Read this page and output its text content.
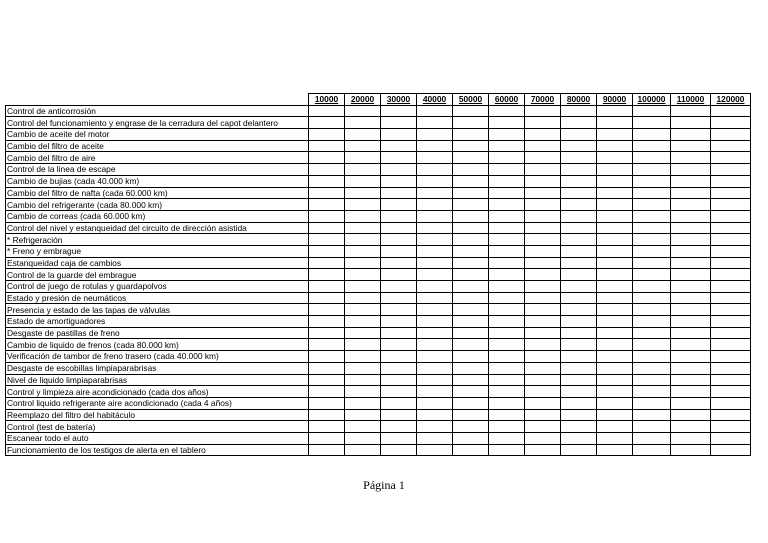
	10000	20000	30000	40000	50000	60000	70000	80000	90000	100000	110000	120000
Control de anticorrosión												
Control del funcionamiento y engrase de la cerradura del capot delantero												
Cambio de aceite del motor												
Cambio del filtro de aceite												
Cambio del filtro de aire												
Control de la linea de escape												
Cambio de bujias (cada 40.000 km)												
Cambio del filtro de nafta (cada 60.000 km)												
Cambio del refrigerante (cada 80.000 km)												
Cambio de correas (cada 60.000 km)												
Control del nivel y estanqueidad del circuito de dirección asistida												
* Refrigeración												
* Freno y embrague												
Estanqueidad caja de cambios												
Control de la guarde del embrague												
Control de juego de rotulas y guardapolvos												
Estado y presión de neumáticos												
Presencia y estado de las tapas de válvulas												
Estado de amortiguadores												
Desgaste de pastillas de freno												
Cambio de liquido de frenos (cada 80.000 km)												
Verificación de tambor de freno trasero (cada 40.000 km)												
Desgaste de escobillas limpiaparabrisas												
Nivel de liquido limpiaparabrisas												
Control y limpieza aire acondicionado (cada dos años)												
Control liquido refrigerante aire acondicionado (cada 4 años)												
Reemplazo del filtro del habitáculo												
Control (test de batería)												
Escanear todo el auto												
Funcionamiento de los testigos de alerta en el tablero												
Página 1
